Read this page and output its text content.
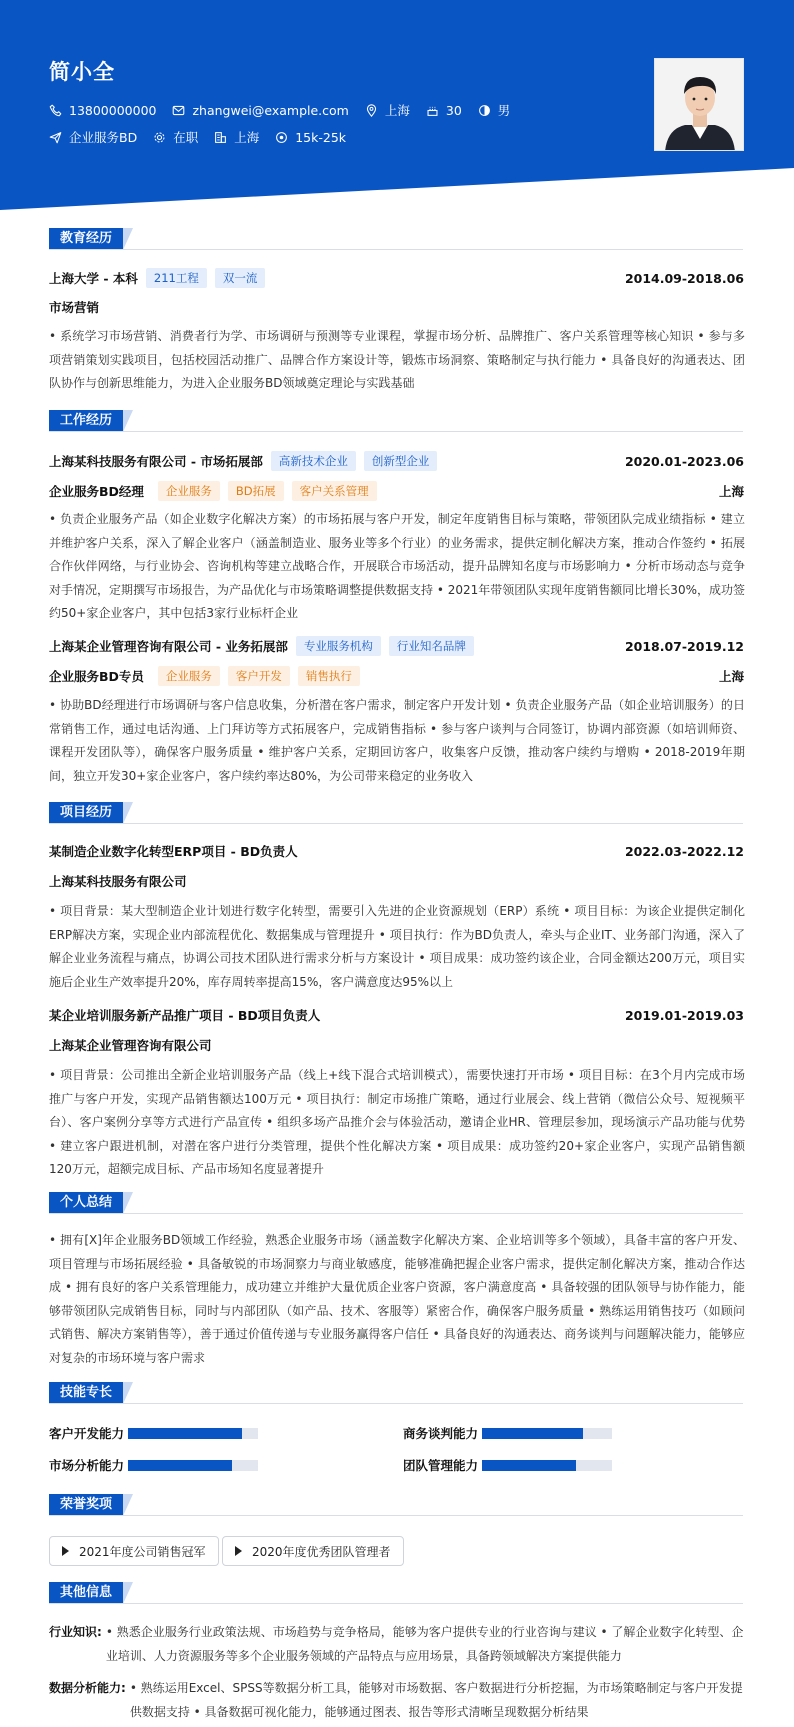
简小全
13800000000	zhangwei@example.com	上海	30	男
企业服务BD	在职	上海	15k-25k
教育经历
上海大学 - 本科	211工程	双一流	2014.09-2018.06
市场营销
• 系统学习市场营销、消费者行为学、市场调研与预测等专业课程，掌握市场分析、品牌推广、客户关系管理等核心知识 • 参与多项营销策划实践项目，包括校园活动推广、品牌合作方案设计等，锻炼市场洞察、策略制定与执行能力 • 具备良好的沟通表达、团队协作与创新思维能力，为进入企业服务BD领域奠定理论与实践基础
工作经历
上海某科技服务有限公司 - 市场拓展部	高新技术企业	创新型企业	2020.01-2023.06
企业服务BD经理	企业服务	BD拓展	客户关系管理	上海
• 负责企业服务产品（如企业数字化解决方案）的市场拓展与客户开发，制定年度销售目标与策略，带领团队完成业绩指标 • 建立并维护客户关系，深入了解企业客户（涵盖制造业、服务业等多个行业）的业务需求，提供定制化解决方案，推动合作签约 • 拓展合作伙伴网络，与行业协会、咨询机构等建立战略合作，开展联合市场活动，提升品牌知名度与市场影响力 • 分析市场动态与竞争对手情况，定期撰写市场报告，为产品优化与市场策略调整提供数据支持 • 2021年带领团队实现年度销售额同比增长30%，成功签约50+家企业客户，其中包括3家行业标杆企业
上海某企业管理咨询有限公司 - 业务拓展部	专业服务机构	行业知名品牌	2018.07-2019.12
企业服务BD专员	企业服务	客户开发	销售执行	上海
• 协助BD经理进行市场调研与客户信息收集，分析潜在客户需求，制定客户开发计划 • 负责企业服务产品（如企业培训服务）的日常销售工作，通过电话沟通、上门拜访等方式拓展客户，完成销售指标 • 参与客户谈判与合同签订，协调内部资源（如培训师资、课程开发团队等），确保客户服务质量 • 维护客户关系，定期回访客户，收集客户反馈，推动客户续约与增购 • 2018-2019年期间，独立开发30+家企业客户，客户续约率达80%，为公司带来稳定的业务收入
项目经历
某制造企业数字化转型ERP项目 - BD负责人	2022.03-2022.12
上海某科技服务有限公司
• 项目背景：某大型制造企业计划进行数字化转型，需要引入先进的企业资源规划（ERP）系统 • 项目目标：为该企业提供定制化ERP解决方案，实现企业内部流程优化、数据集成与管理提升 • 项目执行：作为BD负责人，牵头与企业IT、业务部门沟通，深入了解企业业务流程与痛点，协调公司技术团队进行需求分析与方案设计 • 项目成果：成功签约该企业，合同金额达200万元，项目实施后企业生产效率提升20%，库存周转率提高15%，客户满意度达95%以上
某企业培训服务新产品推广项目 - BD项目负责人	2019.01-2019.03
上海某企业管理咨询有限公司
• 项目背景：公司推出全新企业培训服务产品（线上+线下混合式培训模式），需要快速打开市场 • 项目目标：在3个月内完成市场推广与客户开发，实现产品销售额达100万元 • 项目执行：制定市场推广策略，通过行业展会、线上营销（微信公众号、短视频平台）、客户案例分享等方式进行产品宣传 • 组织多场产品推介会与体验活动，邀请企业HR、管理层参加，现场演示产品功能与优势 • 建立客户跟进机制，对潜在客户进行分类管理，提供个性化解决方案 • 项目成果：成功签约20+家企业客户，实现产品销售额120万元，超额完成目标、产品市场知名度显著提升
个人总结
• 拥有[X]年企业服务BD领域工作经验，熟悉企业服务市场（涵盖数字化解决方案、企业培训等多个领域），具备丰富的客户开发、项目管理与市场拓展经验 • 具备敏锐的市场洞察力与商业敏感度，能够准确把握企业客户需求，提供定制化解决方案，推动合作达成 • 拥有良好的客户关系管理能力，成功建立并维护大量优质企业客户资源，客户满意度高 • 具备较强的团队领导与协作能力，能够带领团队完成销售目标，同时与内部团队（如产品、技术、客服等）紧密合作，确保客户服务质量 • 熟练运用销售技巧（如顾问式销售、解决方案销售等），善于通过价值传递与专业服务赢得客户信任 • 具备良好的沟通表达、商务谈判与问题解决能力，能够应对复杂的市场环境与客户需求
技能专长
客户开发能力	商务谈判能力
市场分析能力	团队管理能力
荣誉奖项
2021年度公司销售冠军	2020年度优秀团队管理者
其他信息
行业知识: • 熟悉企业服务行业政策法规、市场趋势与竞争格局，能够为客户提供专业的行业咨询与建议 • 了解企业数字化转型、企业培训、人力资源服务等多个企业服务领域的产品特点与应用场景，具备跨领域解决方案提供能力
数据分析能力: • 熟练运用Excel、SPSS等数据分析工具，能够对市场数据、客户数据进行分析挖掘，为市场策略制定与客户开发提供数据支持 • 具备数据可视化能力，能够通过图表、报告等形式清晰呈现数据分析结果
